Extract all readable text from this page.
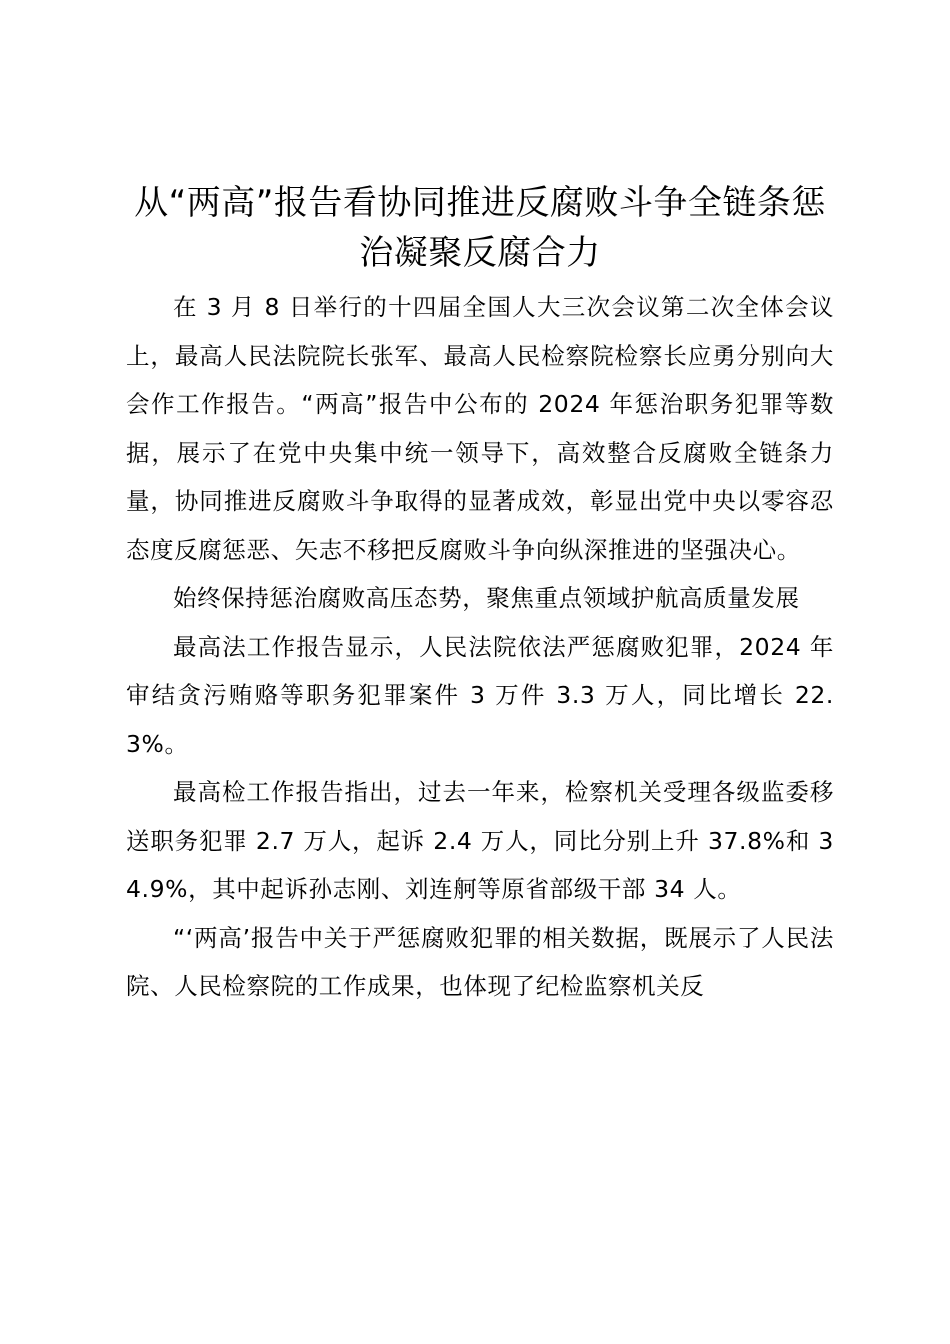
从“两高”报告看协同推进反腐败斗争全链条惩治凝聚反腐合力

在 3 月 8 日举行的十四届全国人大三次会议第二次全体会议上，最高人民法院院长张军、最高人民检察院检察长应勇分别向大会作工作报告。“两高”报告中公布的 2024 年惩治职务犯罪等数据，展示了在党中央集中统一领导下，高效整合反腐败全链条力量，协同推进反腐败斗争取得的显著成效，彰显出党中央以零容忍态度反腐惩恶、矢志不移把反腐败斗争向纵深推进的坚强决心。

始终保持惩治腐败高压态势，聚焦重点领域护航高质量发展

最高法工作报告显示，人民法院依法严惩腐败犯罪，2024 年审结贪污贿赂等职务犯罪案件 3 万件 3.3 万人，同比增长 22.3%。

最高检工作报告指出，过去一年来，检察机关受理各级监委移送职务犯罪 2.7 万人，起诉 2.4 万人，同比分别上升 37.8%和 34.9%，其中起诉孙志刚、刘连舸等原省部级干部 34 人。

“‘两高’报告中关于严惩腐败犯罪的相关数据，既展示了人民法院、人民检察院的工作成果，也体现了纪检监察机关反
